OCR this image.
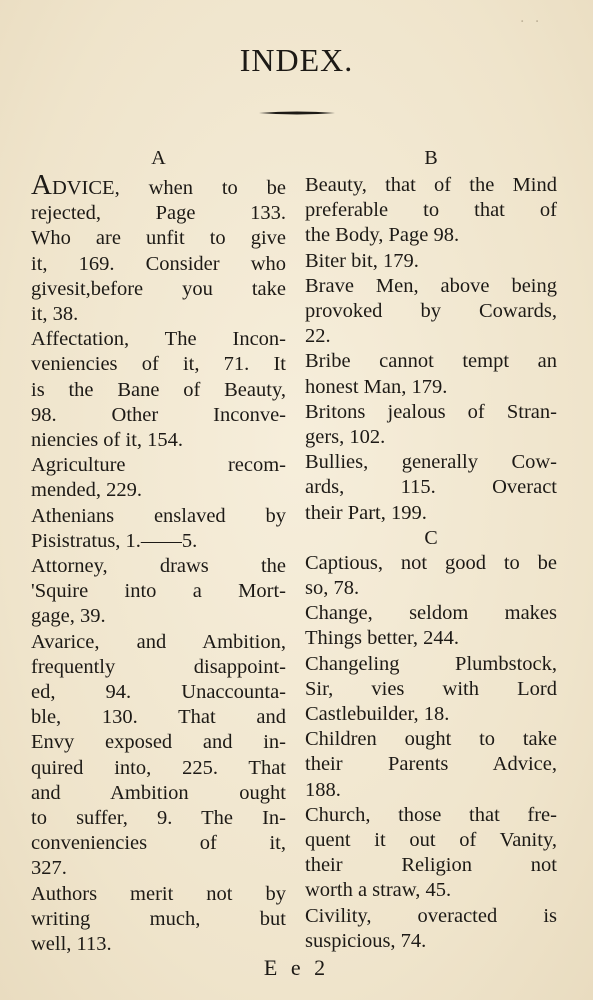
· ·
INDEX.
A
ADVICE, when to be
rejected, Page 133.
Who are unfit to give
it, 169. Consider who
givesit,before you take
it, 38.
Affectation, The Incon-
veniencies of it, 71. It
is the Bane of Beauty,
98. Other Inconve-
niencies of it, 154.
Agriculture recom-
mended, 229.
Athenians enslaved by
Pisistratus, 1.——5.
Attorney, draws the
'Squire into a Mort-
gage, 39.
Avarice, and Ambition,
frequently disappoint-
ed, 94. Unaccounta-
ble, 130. That and
Envy exposed and in-
quired into, 225. That
and Ambition ought
to suffer, 9. The In-
conveniencies of it,
327.
Authors merit not by
writing much, but
well, 113.
B
Beauty, that of the Mind
preferable to that of
the Body, Page 98.
Biter bit, 179.
Brave Men, above being
provoked by Cowards,
22.
Bribe cannot tempt an
honest Man, 179.
Britons jealous of Stran-
gers, 102.
Bullies, generally Cow-
ards, 115. Overact
their Part, 199.
C
Captious, not good to be
so, 78.
Change, seldom makes
Things better, 244.
Changeling Plumbstock,
Sir, vies with Lord
Castlebuilder, 18.
Children ought to take
their Parents Advice,
188.
Church, those that fre-
quent it out of Vanity,
their Religion not
worth a straw, 45.
Civility, overacted is
suspicious, 74.
E e 2
